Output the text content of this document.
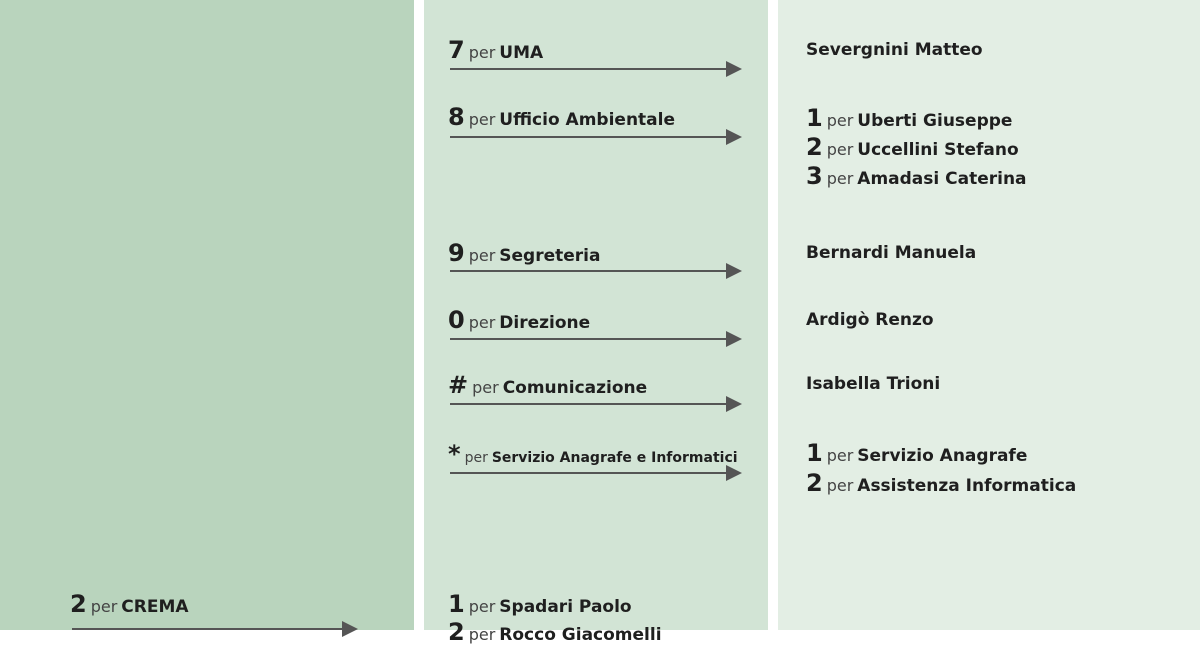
7 per UMA
8 per Ufficio Ambientale
9 per Segreteria
0 per Direzione
# per Comunicazione
* per Servizio Anagrafe e Informatici
1 per Spadari Paolo
2 per Rocco Giacomelli
Severgnini Matteo
1 per Uberti Giuseppe
2 per Uccellini Stefano
3 per Amadasi Caterina
Bernardi Manuela
Ardigò Renzo
Isabella Trioni
1 per Servizio Anagrafe
2 per Assistenza Informatica
2 per CREMA
